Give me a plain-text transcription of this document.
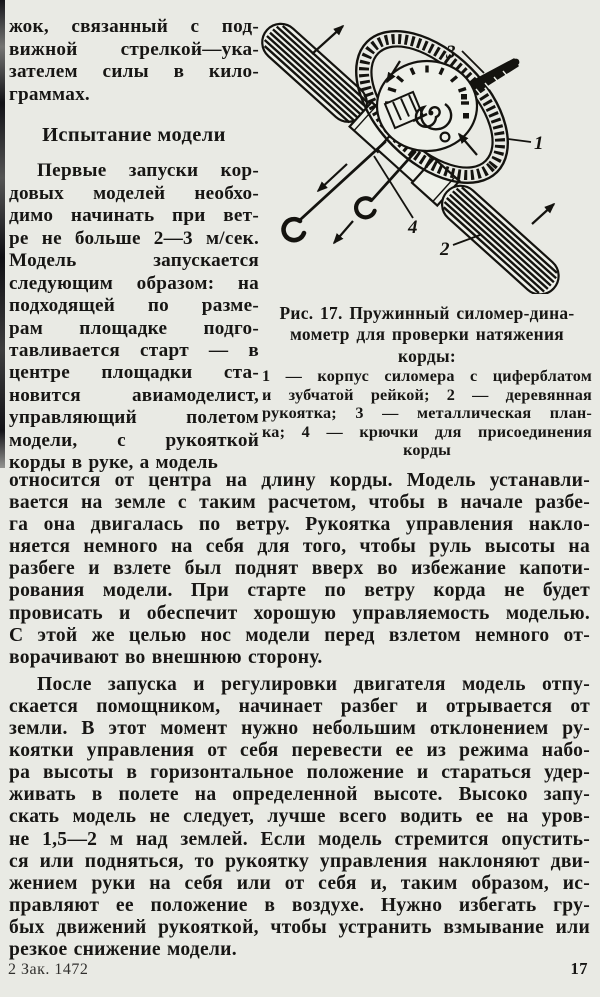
жок, связанный с под-
вижной стрелкой—ука-
зателем силы в кило-
граммах.
Испытание модели
Первые запуски кор-
довых моделей необхо-
димо начинать при вет-
ре не больше 2—3 м/сек.
Модель запускается
следующим образом: на
подходящей по разме-
рам площадке подго-
тавливается старт — в
центре площадки ста-
новится авиамоделист,
управляющий полетом
модели, с рукояткой
корды в руке, а модель
3
1
4
2
Рис. 17. Пружинный силомер-дина-
мометр для проверки натяжения
корды:
1 — корпус силомера с циферблатом
и зубчатой рейкой; 2 — деревянная
рукоятка; 3 — металлическая план-
ка; 4 — крючки для присоединения
корды
относится от центра на длину корды. Модель устанавли-
вается на земле с таким расчетом, чтобы в начале разбе-
га она двигалась по ветру. Рукоятка управления накло-
няется немного на себя для того, чтобы руль высоты на
разбеге и взлете был поднят вверх во избежание капоти-
рования модели. При старте по ветру корда не будет
провисать и обеспечит хорошую управляемость моделью.
С этой же целью нос модели перед взлетом немного от-
ворачивают во внешнюю сторону.
После запуска и регулировки двигателя модель отпу-
скается помощником, начинает разбег и отрывается от
земли. В этот момент нужно небольшим отклонением ру-
коятки управления от себя перевести ее из режима набо-
ра высоты в горизонтальное положение и стараться удер-
живать в полете на определенной высоте. Высоко запу-
скать модель не следует, лучше всего водить ее на уров-
не 1,5—2 м над землей. Если модель стремится опустить-
ся или подняться, то рукоятку управления наклоняют дви-
жением руки на себя или от себя и, таким образом, ис-
правляют ее положение в воздухе. Нужно избегать гру-
бых движений рукояткой, чтобы устранить взмывание или
резкое снижение модели.
2 Зак. 1472	17
